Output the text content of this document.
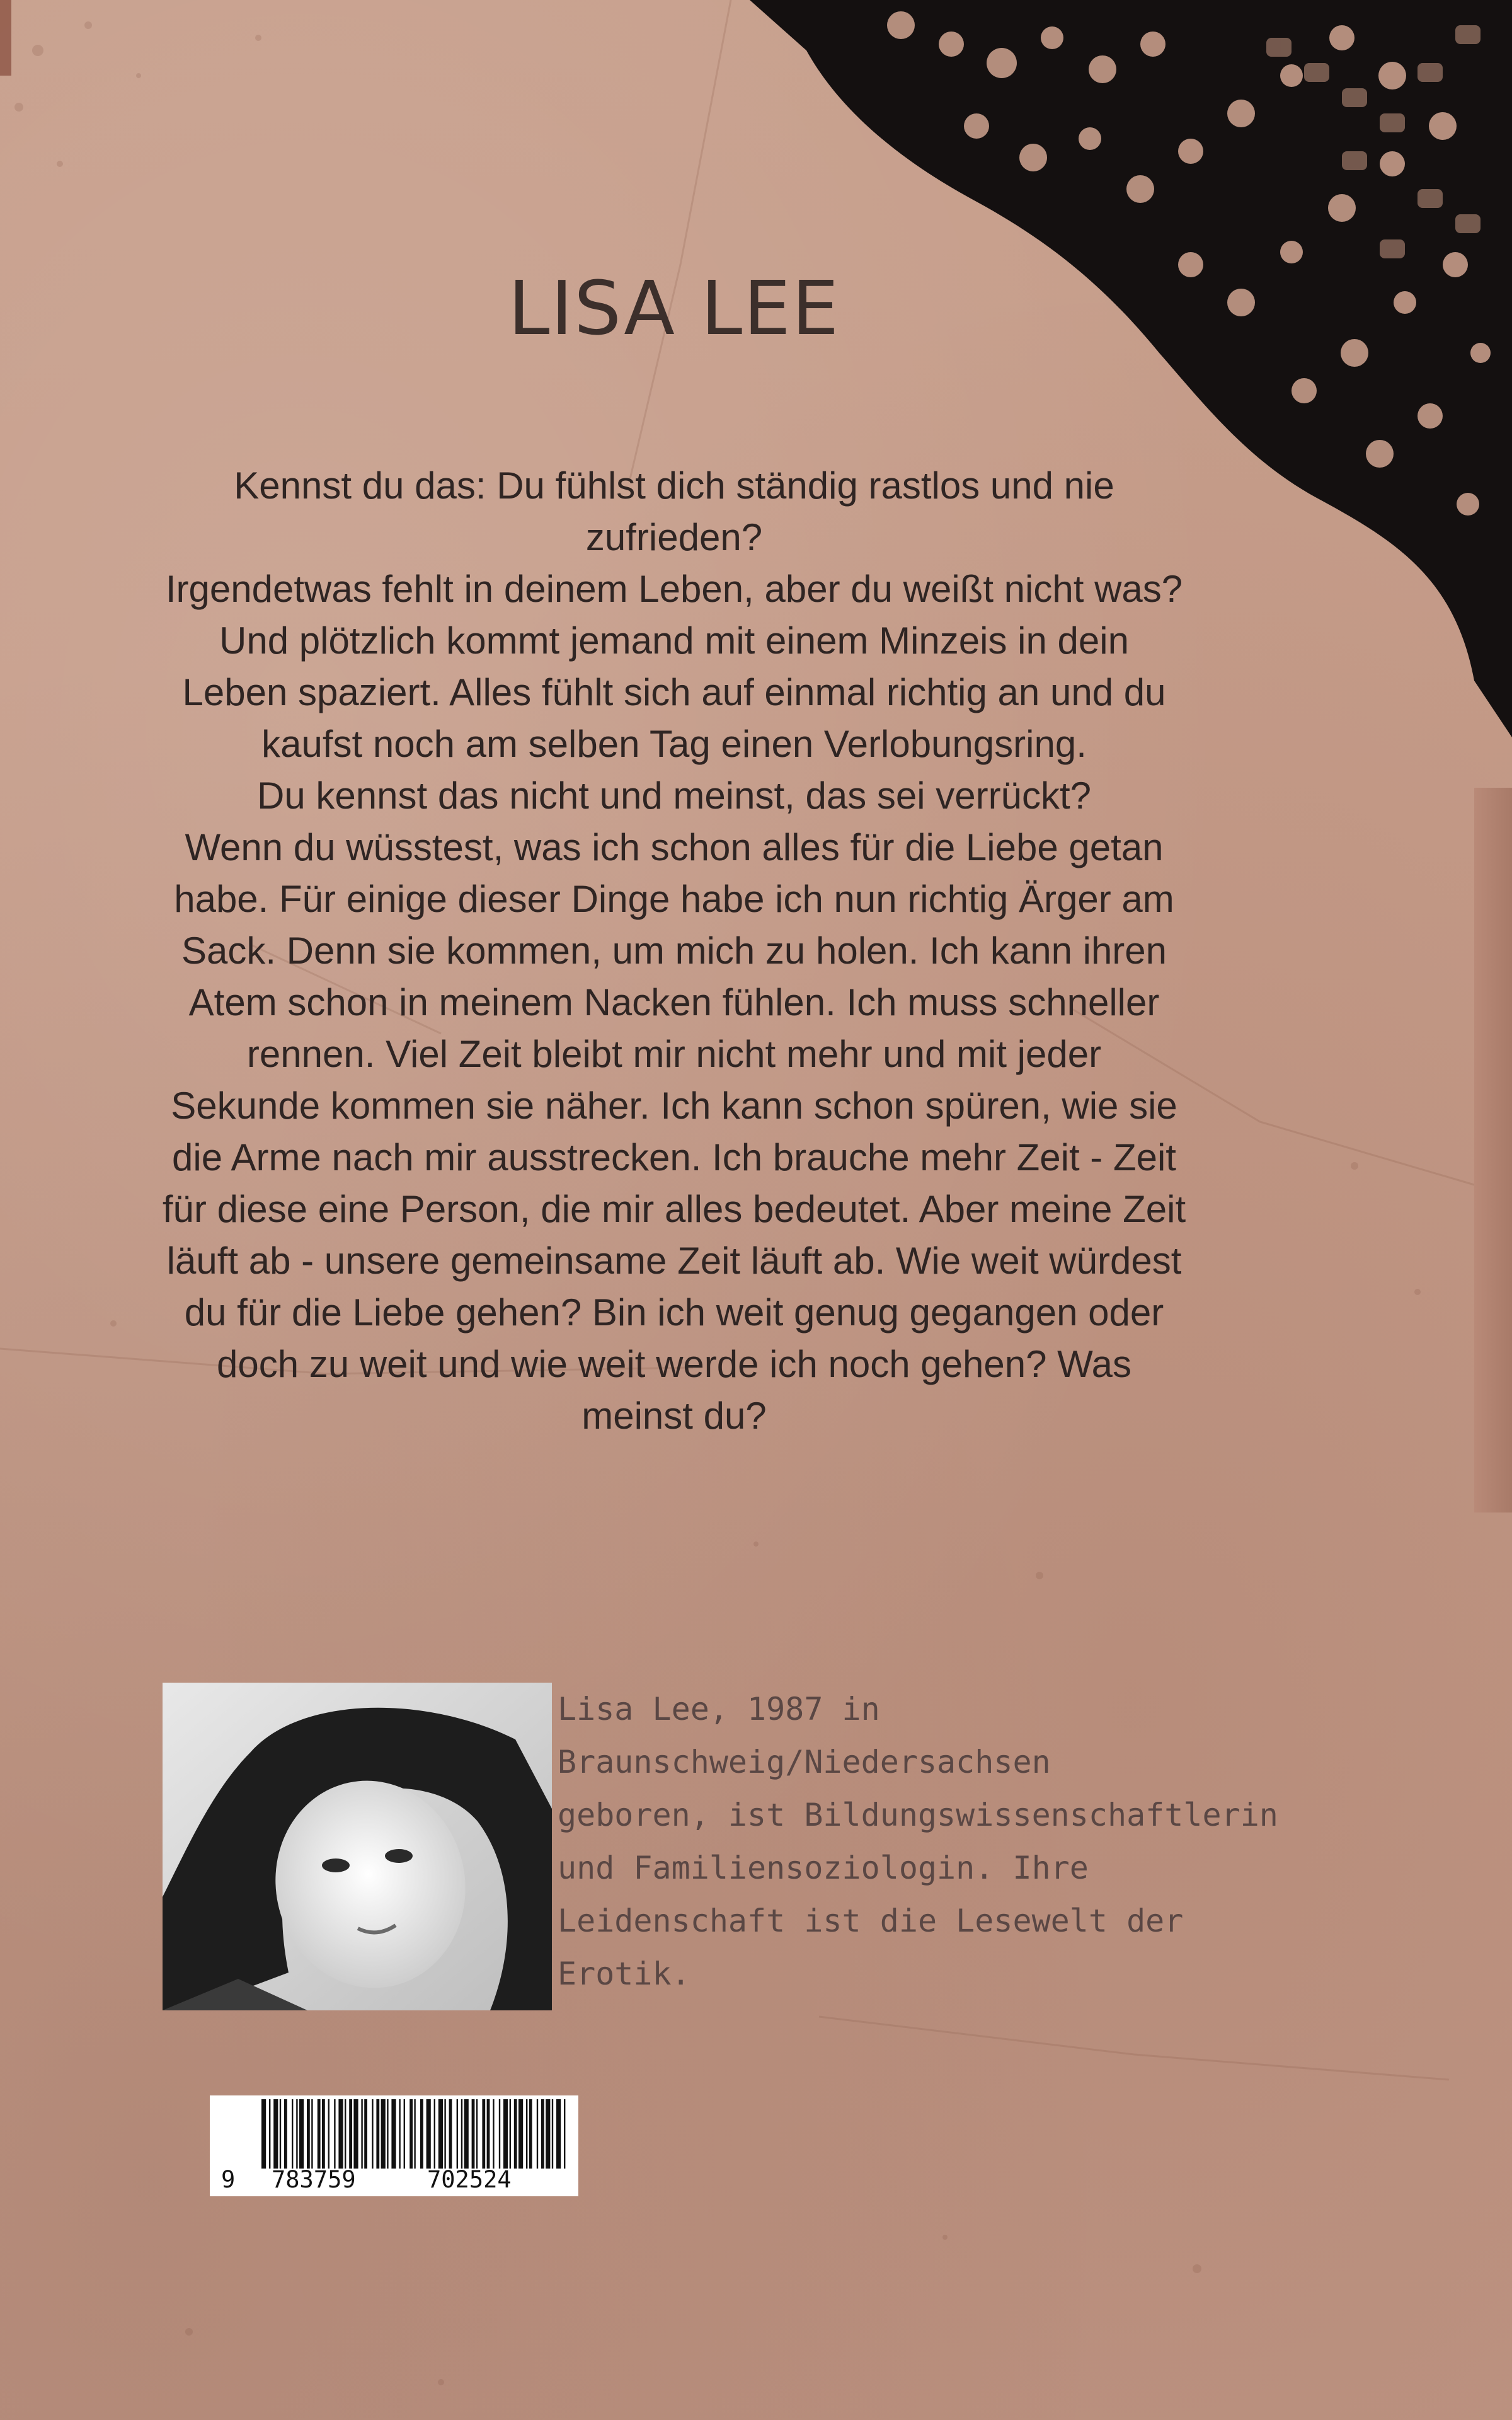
LISA LEE

Kennst du das: Du fühlst dich ständig rastlos und nie

zufrieden?

Irgendetwas fehlt in deinem Leben, aber du weißt nicht was?

Und plötzlich kommt jemand mit einem Minzeis in dein

Leben spaziert. Alles fühlt sich auf einmal richtig an und du

kaufst noch am selben Tag einen Verlobungsring.

Du kennst das nicht und meinst, das sei verrückt?

Wenn du wüsstest, was ich schon alles für die Liebe getan

habe. Für einige dieser Dinge habe ich nun richtig Ärger am

Sack. Denn sie kommen, um mich zu holen. Ich kann ihren

Atem schon in meinem Nacken fühlen. Ich muss schneller

rennen. Viel Zeit bleibt mir nicht mehr und mit jeder

Sekunde kommen sie näher. Ich kann schon spüren, wie sie

die Arme nach mir ausstrecken. Ich brauche mehr Zeit - Zeit

für diese eine Person, die mir alles bedeutet. Aber meine Zeit

läuft ab - unsere gemeinsame Zeit läuft ab. Wie weit würdest

du für die Liebe gehen? Bin ich weit genug gegangen oder

doch zu weit und wie weit werde ich noch gehen? Was

meinst du?

Lisa Lee, 1987 in
Braunschweig/Niedersachsen
geboren, ist Bildungswissenschaftlerin
und Familiensoziologin. Ihre
Leidenschaft ist die Lesewelt der
Erotik.
9 783759	702524
